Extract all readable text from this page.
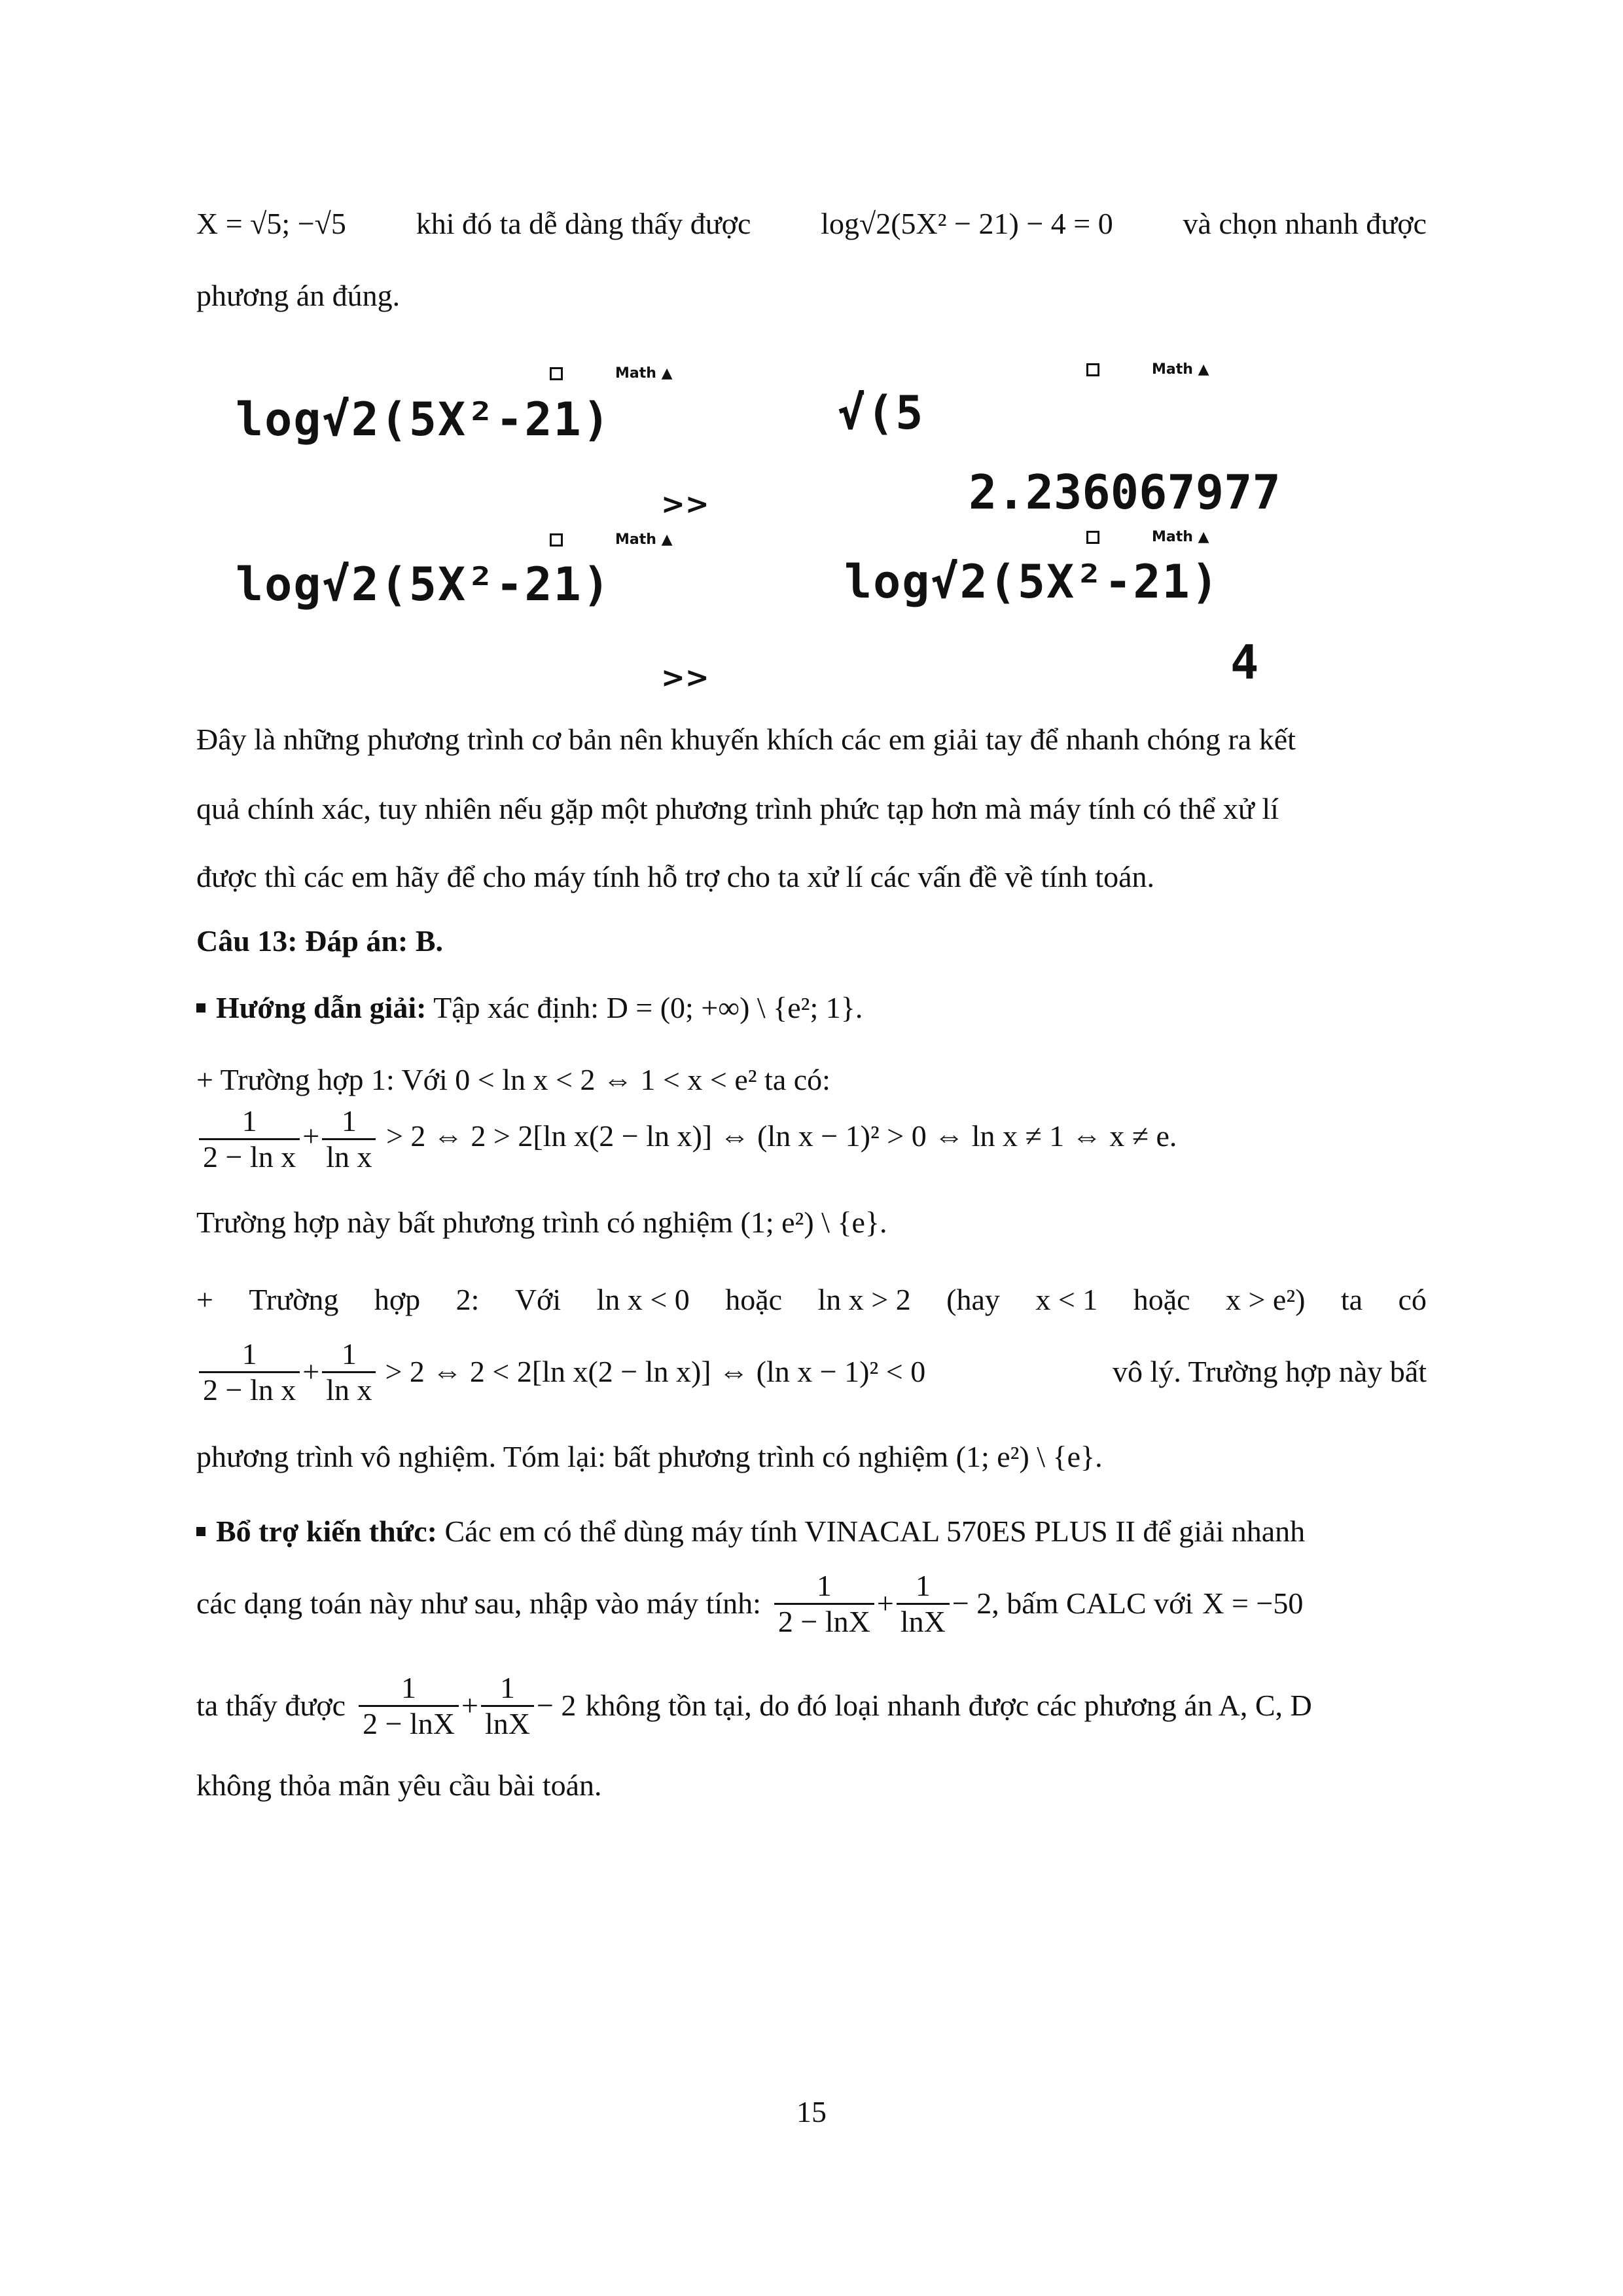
X = √5; −√5 khi đó ta dễ dàng thấy được log√2(5X² − 21) − 4 = 0 và chọn nhanh được
phương án đúng.
Math ▲
log√2(5X²-21)
Math ▲
√(5
2.236067977
>>
Math ▲
log√2(5X²-21)
Math ▲
log√2(5X²-21)
4
>>
Đây là những phương trình cơ bản nên khuyến khích các em giải tay để nhanh chóng ra kết
quả chính xác, tuy nhiên nếu gặp một phương trình phức tạp hơn mà máy tính có thể xử lí
được thì các em hãy để cho máy tính hỗ trợ cho ta xử lí các vấn đề về tính toán.
Câu 13: Đáp án: B.
Hướng dẫn giải: Tập xác định: D = (0; +∞) \ {e²; 1}.
+ Trường hợp 1: Với 0 < ln x < 2 ⇔ 1 < x < e² ta có:
$\frac{1}{\text{2 − ln x}} + \frac{1}{\text{ln x}} > 2$ ⇔ 2 > 2[ln x(2 − ln x)] ⇔ (ln x − 1)² > 0 ⇔ ln x ≠ 1 ⇔ x ≠ e.
Trường hợp này bất phương trình có nghiệm (1; e²) \ {e}.
+ Trường hợp 2: Với ln x < 0 hoặc ln x > 2 (hay x < 1 hoặc x > e²) ta có
$\frac{1}{\text{2 − ln x}} + \frac{1}{\text{ln x}} > 2$ ⇔ 2 < 2[ln x(2 − ln x)] ⇔ (ln x − 1)² < 0	vô lý. Trường hợp này bất
phương trình vô nghiệm. Tóm lại: bất phương trình có nghiệm (1; e²) \ {e}.
Bổ trợ kiến thức: Các em có thể dùng máy tính VINACAL 570ES PLUS II để giải nhanh
các dạng toán này như sau, nhập vào máy tính: $\frac{1}{2 - \ln X} + \frac{1}{\ln X} - 2$, bấm CALC với X = −50
ta thấy được $\frac{1}{2 - \ln X} + \frac{1}{\ln X} - 2$ không tồn tại, do đó loại nhanh được các phương án A, C, D
không thỏa mãn yêu cầu bài toán.
15
